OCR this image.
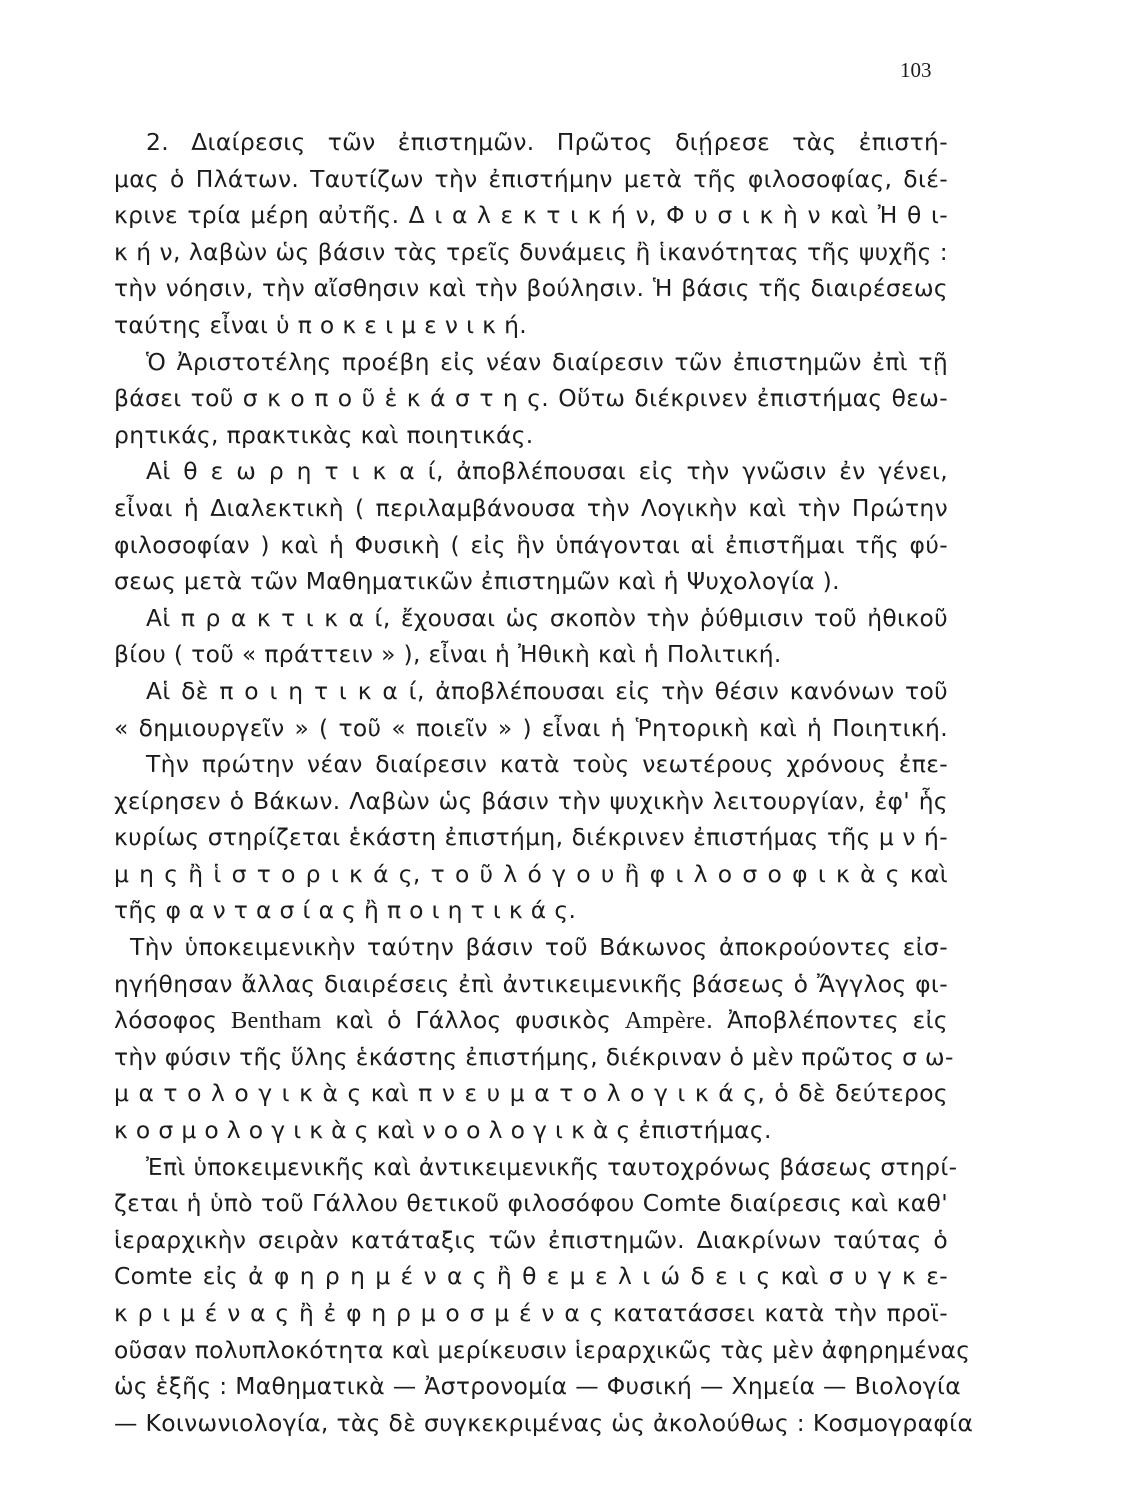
103
2. Διαίρεσις τῶν ἐπιστημῶν. Πρῶτος διῄρεσε τὰς ἐπιστή-
μας ὁ Πλάτων. Ταυτίζων τὴν ἐπιστήμην μετὰ τῆς φιλοσοφίας, διέ-
κρινε τρία μέρη αὐτῆς. Δ ι α λ ε κ τ ι κ ή ν, Φ υ σ ι κ ὴ ν καὶ Ἠ θ ι-
κ ή ν, λαβὼν ὡς βάσιν τὰς τρεῖς δυνάμεις ἢ ἱκανότητας τῆς ψυχῆς :
τὴν νόησιν, τὴν αἴσθησιν καὶ τὴν βούλησιν. Ἡ βάσις τῆς διαιρέσεως
ταύτης εἶναι ὑ π ο κ ε ι μ ε ν ι κ ή.
Ὁ Ἀριστοτέλης προέβη εἰς νέαν διαίρεσιν τῶν ἐπιστημῶν ἐπὶ τῇ
βάσει τοῦ σ κ ο π ο ῦ ἑ κ ά σ τ η ς. Οὕτω διέκρινεν ἐπιστήμας θεω-
ρητικάς, πρακτικὰς καὶ ποιητικάς.
Αἱ θ ε ω ρ η τ ι κ α ί, ἀποβλέπουσαι εἰς τὴν γνῶσιν ἐν γένει,
εἶναι ἡ Διαλεκτικὴ ( περιλαμβάνουσα τὴν Λογικὴν καὶ τὴν Πρώτην
φιλοσοφίαν ) καὶ ἡ Φυσικὴ ( εἰς ἣν ὑπάγονται αἱ ἐπιστῆμαι τῆς φύ-
σεως μετὰ τῶν Μαθηματικῶν ἐπιστημῶν καὶ ἡ Ψυχολογία ).
Αἱ π ρ α κ τ ι κ α ί, ἔχουσαι ὡς σκοπὸν τὴν ῥύθμισιν τοῦ ἠθικοῦ
βίου ( τοῦ « πράττειν » ), εἶναι ἡ Ἠθικὴ καὶ ἡ Πολιτική.
Αἱ δὲ π ο ι η τ ι κ α ί, ἀποβλέπουσαι εἰς τὴν θέσιν κανόνων τοῦ
« δημιουργεῖν » ( τοῦ « ποιεῖν » ) εἶναι ἡ Ῥητορικὴ καὶ ἡ Ποιητική.
Τὴν πρώτην νέαν διαίρεσιν κατὰ τοὺς νεωτέρους χρόνους ἐπε-
χείρησεν ὁ Βάκων. Λαβὼν ὡς βάσιν τὴν ψυχικὴν λειτουργίαν, ἐφ' ἧς
κυρίως στηρίζεται ἑκάστη ἐπιστήμη, διέκρινεν ἐπιστήμας τῆς μ ν ή-
μ η ς ἢ ἱ σ τ ο ρ ι κ ά ς, τ ο ῦ λ ό γ ο υ ἢ φ ι λ ο σ ο φ ι κ ὰ ς καὶ
τῆς φ α ν τ α σ ί α ς ἢ π ο ι η τ ι κ ά ς.
Τὴν ὑποκειμενικὴν ταύτην βάσιν τοῦ Βάκωνος ἀποκρούοντες εἰσ-
ηγήθησαν ἄλλας διαιρέσεις ἐπὶ ἀντικειμενικῆς βάσεως ὁ Ἄγγλος φι-
λόσοφος Bentham καὶ ὁ Γάλλος φυσικὸς Ampère. Ἀποβλέποντες εἰς
τὴν φύσιν τῆς ὕλης ἑκάστης ἐπιστήμης, διέκριναν ὁ μὲν πρῶτος σ ω-
μ α τ ο λ ο γ ι κ ὰ ς καὶ π ν ε υ μ α τ ο λ ο γ ι κ ά ς, ὁ δὲ δεύτερος
κ ο σ μ ο λ ο γ ι κ ὰ ς καὶ ν ο ο λ ο γ ι κ ὰ ς ἐπιστήμας.
Ἐπὶ ὑποκειμενικῆς καὶ ἀντικειμενικῆς ταυτοχρόνως βάσεως στηρί-
ζεται ἡ ὑπὸ τοῦ Γάλλου θετικοῦ φιλοσόφου Comte διαίρεσις καὶ καθ'
ἱεραρχικὴν σειρὰν κατάταξις τῶν ἐπιστημῶν. Διακρίνων ταύτας ὁ
Comte εἰς ἀ φ η ρ η μ έ ν α ς ἢ θ ε μ ε λ ι ώ δ ε ι ς καὶ σ υ γ κ ε-
κ ρ ι μ έ ν α ς ἢ ἐ φ η ρ μ ο σ μ έ ν α ς κατατάσσει κατὰ τὴν προϊ-
οῦσαν πολυπλοκότητα καὶ μερίκευσιν ἱεραρχικῶς τὰς μὲν ἀφηρημένας
ὡς ἑξῆς : Μαθηματικὰ — Ἀστρονομία — Φυσική — Χημεία — Βιολογία
— Κοινωνιολογία, τὰς δὲ συγκεκριμένας ὡς ἀκολούθως : Κοσμογραφία
